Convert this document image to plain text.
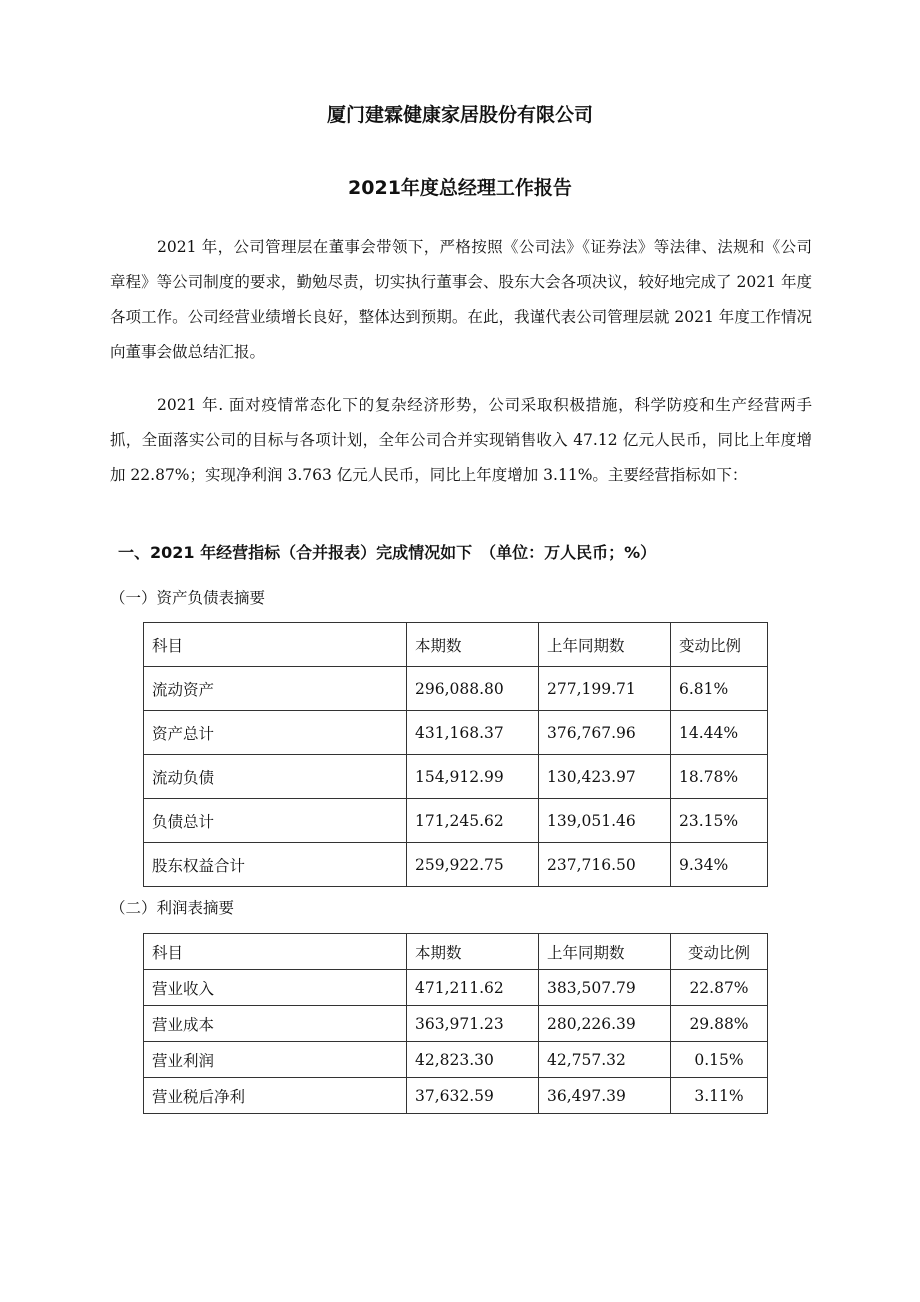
厦门建霖健康家居股份有限公司
2021年度总经理工作报告
2021 年，公司管理层在董事会带领下，严格按照《公司法》《证券法》等法律、法规和《公司章程》等公司制度的要求，勤勉尽责，切实执行董事会、股东大会各项决议，较好地完成了 2021 年度各项工作。公司经营业绩增长良好，整体达到预期。在此，我谨代表公司管理层就 2021 年度工作情况向董事会做总结汇报。
2021 年. 面对疫情常态化下的复杂经济形势，公司采取积极措施，科学防疫和生产经营两手抓，全面落实公司的目标与各项计划，全年公司合并实现销售收入 47.12 亿元人民币，同比上年度增加 22.87%；实现净利润 3.763 亿元人民币，同比上年度增加 3.11%。主要经营指标如下：
一、2021 年经营指标（合并报表）完成情况如下　（单位：万人民币；%）
（一）资产负债表摘要
科目	本期数	上年同期数	变动比例
流动资产	296,088.80	277,199.71	6.81%
资产总计	431,168.37	376,767.96	14.44%
流动负债	154,912.99	130,423.97	18.78%
负债总计	171,245.62	139,051.46	23.15%
股东权益合计	259,922.75	237,716.50	9.34%
（二）利润表摘要
科目	本期数	上年同期数	变动比例
营业收入	471,211.62	383,507.79	22.87%
营业成本	363,971.23	280,226.39	29.88%
营业利润	42,823.30	42,757.32	0.15%
营业税后净利	37,632.59	36,497.39	3.11%
